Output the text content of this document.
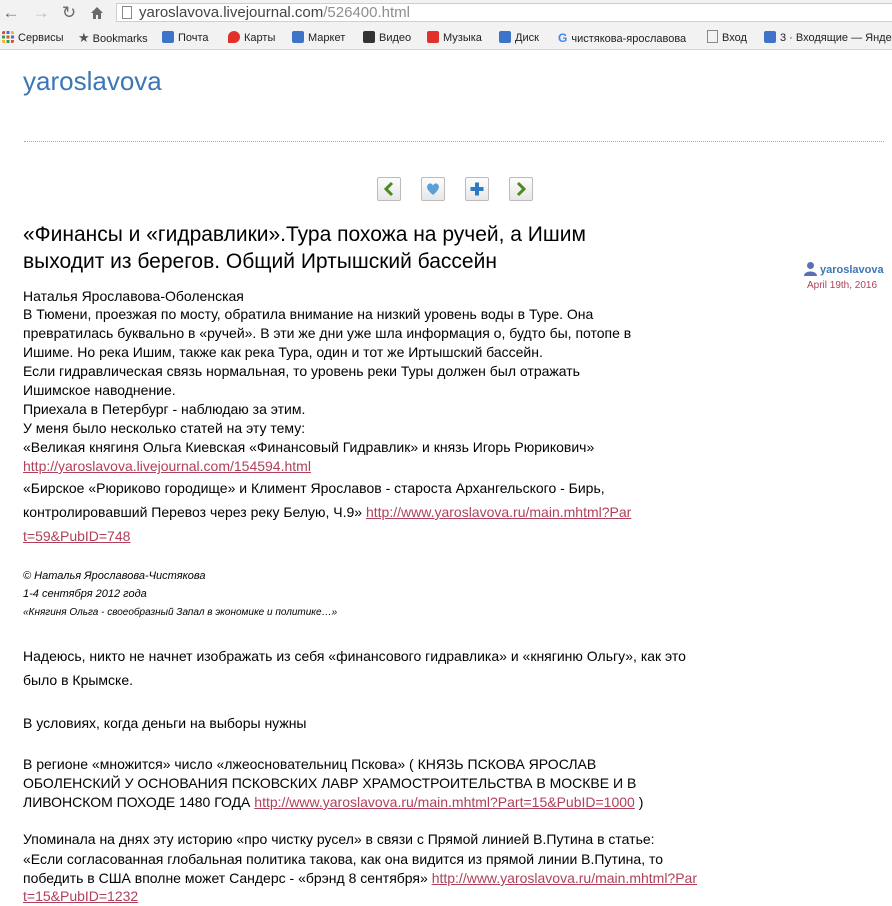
← → ↻	yaroslavova.livejournal.com/526400.html
Сервисы ★ Bookmarks	Почта	Карты	Маркет	Видео	Музыка	Диск G чистякова-ярославова	Вход	3 · Входящие — Янде
yaroslavova
«Финансы и «гидравлики».Тура похожа на ручей, а Ишим
выходит из берегов. Общий Иртышский бассейн	yaroslavova
April 19th, 2016
Наталья Ярославова-Оболенская
В Тюмени, проезжая по мосту, обратила внимание на низкий уровень воды в Туре. Она
превратилась буквально в «ручей». В эти же дни уже шла информация о, будто бы, потопе в
Ишиме. Но река Ишим, также как река Тура, один и тот же Иртышский бассейн.
Если гидравлическая связь нормальная, то уровень реки Туры должен был отражать
Ишимское наводнение.
Приехала в Петербург - наблюдаю за этим.
У меня было несколько статей на эту тему:
«Великая княгиня Ольга Киевская «Финансовый Гидравлик» и князь Игорь Рюрикович»
http://yaroslavova.livejournal.com/154594.html
«Бирское «Рюриково городище» и Климент Ярославов - староста Архангельского - Бирь,
контролировавший Перевоз через реку Белую, Ч.9» http://www.yaroslavova.ru/main.mhtml?Par
t=59&PubID=748
© Наталья Ярославова-Чистякова
1-4 сентября 2012 года
«Княгиня Ольга - своеобразный Запал в экономике и политике…»
Надеюсь, никто не начнет изображать из себя «финансового гидравлика» и «княгиню Ольгу», как это
было в Крымске.
В условиях, когда деньги на выборы нужны
В регионе «множится» число «лжеосновательниц Пскова» ( КНЯЗЬ ПСКОВА ЯРОСЛАВ
ОБОЛЕНСКИЙ У ОСНОВАНИЯ ПСКОВСКИХ ЛАВР ХРАМОСТРОИТЕЛЬСТВА В МОСКВЕ И В
ЛИВОНСКОМ ПОХОДЕ 1480 ГОДА http://www.yaroslavova.ru/main.mhtml?Part=15&PubID=1000 )
Упоминала на днях эту историю «про чистку русел» в связи с Прямой линией В.Путина в статье:
«Если согласованная глобальная политика такова, как она видится из прямой линии В.Путина, то
победить в США вполне может Сандерс - «брэнд 8 сентября» http://www.yaroslavova.ru/main.mhtml?Par
t=15&PubID=1232
